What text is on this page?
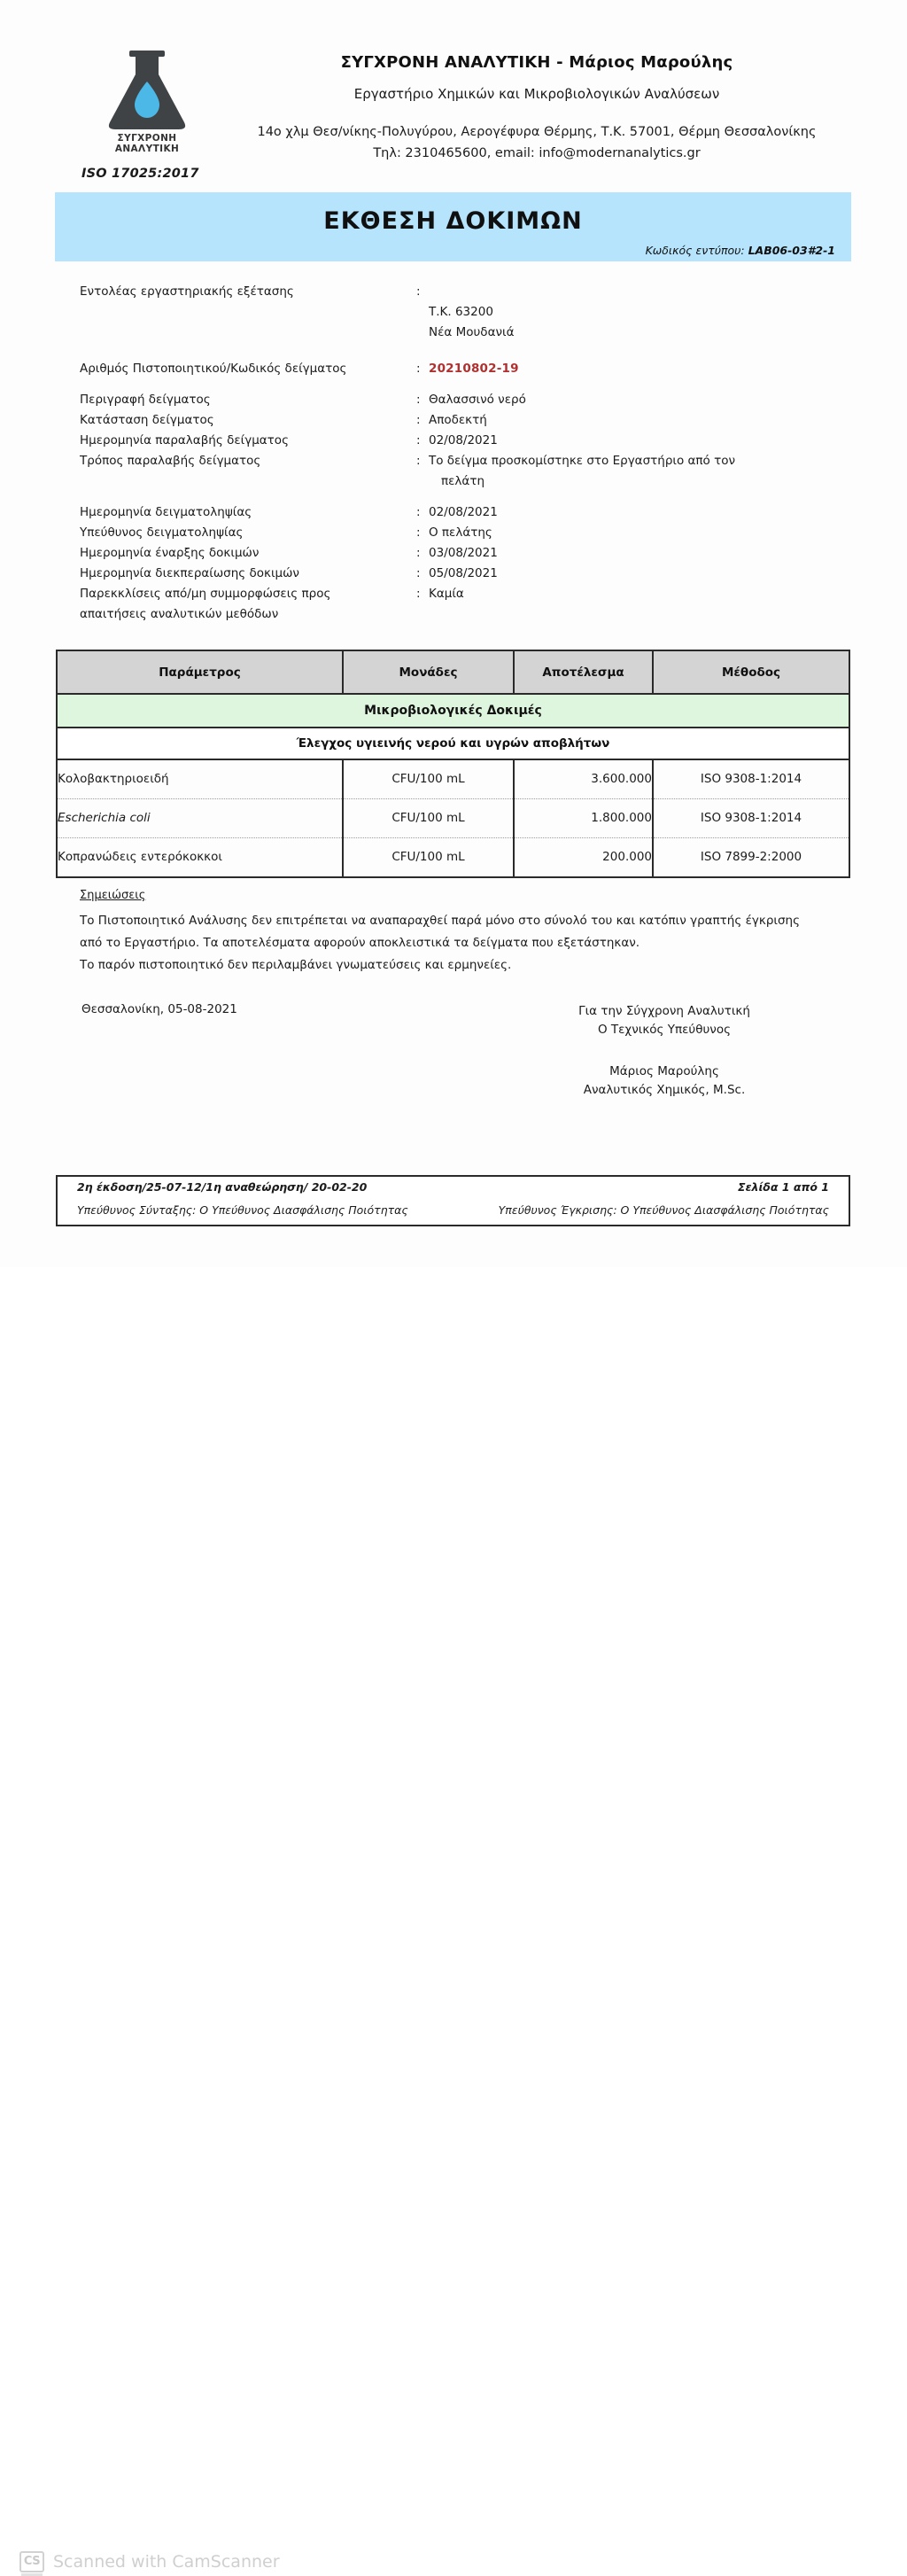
ΣΥΓΧΡΟΝΗ
ΑΝΑΛΥΤΙΚΗ
ΣΥΓΧΡΟΝΗ ΑΝΑΛΥΤΙΚΗ - Μάριος Μαρούλης
Εργαστήριο Χημικών και Μικροβιολογικών Αναλύσεων
14ο χλμ Θεσ/νίκης-Πολυγύρου, Αερογέφυρα Θέρμης, Τ.Κ. 57001, Θέρμη Θεσσαλονίκης
Τηλ: 2310465600, email: info@modernanalytics.gr
ISO 17025:2017
ΕΚΘΕΣΗ ΔΟΚΙΜΩΝ
Κωδικός εντύπου: LAB06-03#2-1
Εντολέας εργαστηριακής εξέτασης	:
Τ.Κ. 63200
Νέα Μουδανιά
Αριθμός Πιστοποιητικού/Κωδικός δείγματος	: 20210802-19
Περιγραφή δείγματος	: Θαλασσινό νερό
Κατάσταση δείγματος	: Αποδεκτή
Ημερομηνία παραλαβής δείγματος	: 02/08/2021
Τρόπος παραλαβής δείγματος	: Το δείγμα προσκομίστηκε στο Εργαστήριο από τον
πελάτη
Ημερομηνία δειγματοληψίας	: 02/08/2021
Υπεύθυνος δειγματοληψίας	: Ο πελάτης
Ημερομηνία έναρξης δοκιμών	: 03/08/2021
Ημερομηνία διεκπεραίωσης δοκιμών	: 05/08/2021
Παρεκκλίσεις από/μη συμμορφώσεις προς	: Καμία
απαιτήσεις αναλυτικών μεθόδων
Παράμετρος	Μονάδες	Αποτέλεσμα	Μέθοδος
Μικροβιολογικές Δοκιμές			
Έλεγχος υγιεινής νερού και υγρών αποβλήτων			
Κολοβακτηριοειδή	CFU/100 mL	3.600.000	ISO 9308-1:2014
Escherichia coli	CFU/100 mL	1.800.000	ISO 9308-1:2014
Κοπρανώδεις εντερόκοκκοι	CFU/100 mL	200.000	ISO 7899-2:2000
Σημειώσεις
Το Πιστοποιητικό Ανάλυσης δεν επιτρέπεται να αναπαραχθεί παρά μόνο στο σύνολό του και κατόπιν γραπτής έγκρισης
από το Εργαστήριο. Τα αποτελέσματα αφορούν αποκλειστικά τα δείγματα που εξετάστηκαν.
Το παρόν πιστοποιητικό δεν περιλαμβάνει γνωματεύσεις και ερμηνείες.
Θεσσαλονίκη, 05-08-2021	Για την Σύγχρονη Αναλυτική
Ο Τεχνικός Υπεύθυνος
Μάριος Μαρούλης
Αναλυτικός Χημικός, M.Sc.
2η έκδοση/25-07-12/1η αναθεώρηση/ 20-02-20	Σελίδα 1 από 1
Υπεύθυνος Σύνταξης: Ο Υπεύθυνος Διασφάλισης Ποιότητας	Υπεύθυνος Έγκρισης: Ο Υπεύθυνος Διασφάλισης Ποιότητας
CS Scanned with CamScanner
